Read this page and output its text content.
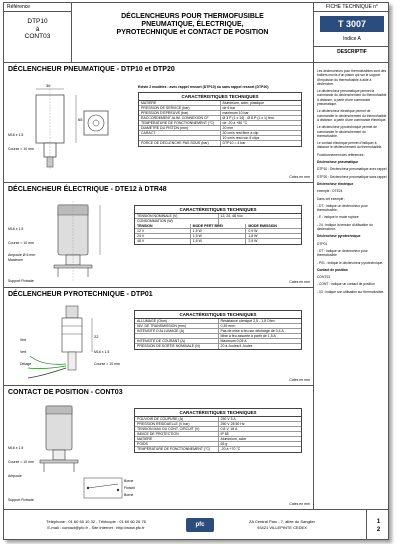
Référence
DTP10
à
CONT03
DÉCLENCHEURS POUR THERMOFUSIBLE
PNEUMATIQUE, ÉLECTRIQUE,
PYROTECHNIQUE et CONTACT DE POSITION
FICHE TECHNIQUE n°
T 3007
Indice A
DESCRIPTIF
DÉCLENCHEUR PNEUMATIQUE - DTP10 et DTP20
36
65
M16 x 1.5
Course = 10 mm
Existe 2 modèles : avec rappel ressort (DTP10) ou sans rappel ressort (DTP20)
CARACTÉRISTIQUES TECHNIQUES
MATIÈRE	Aluminium, acier, plastique
PRESSION DE SERVICE (bar)	de 6 bar
PRESSION D'ÉPREUVE (bar)	maximum 10 bar
RACCORDEMENT ALIM. CONNEXION CF	Ø 3 P (1 x 14) - Ø 8 P (1 x 1) fem.
TEMPÉRATURE DE FONCTIONNEMENT (°C)	de -20 à +80 °C
DIAMÈTRE DU PISTON (mm)	20 mm
CARACT.	30 cm/s rest fibre à clip
10 cm/s rest non 5 clips
FORCE DE DÉCLENCHE PAS SOUS (bar)	DTP10 = 4 bar
Cotes en mm
DÉCLENCHEUR ÉLECTRIQUE - DTE12 à DTR48
M16 x 1.5
Course = 10 mm
Ampoule Ø 6 mm
Maximum
Support Fixtrade
CARACTÉRISTIQUES TECHNIQUES
TENSION NOMINALE (V)	12, 24, 48 Vcc
CONSOMMATION (W)
TENSION	MODE PERT BREI	MODE EMISSION
12 V	1,5 W	0,9 W
24 V	1,5 W	1,8 W
48 V	1,6 W	2,5 W
Cotes en mm
DÉCLENCHEUR PYROTECHNIQUE - DTP01
22
Vert
Vert
Détage
M16 x 1.5
Course = 10 mm
CARACTÉRISTIQUES TECHNIQUES
ALLUMAGE (Ohm)	Résistance ohmique 2,5 - 1,8 Ohm
NIV. DE TRANSMISSION (mm)	0,35 mm²
INTENSITÉ D'ALLUMAGE (A)	Pas de mise à feu sur décharge de 0,4 A
Mise à feu assurée à partir de 1,5 A
INTENSITÉ DE COURANT (A)	Maximum 0,05 A
PRESSION DE SORTIE NOMINALE (N)	20 à Joules/4 Joules
Cotes en mm
CONTACT DE POSITION - CONT03
M16 x 1.5
Course = 10 mm
Ampoule
Support Fixtrade
Borne
Flotant
Borne
CARACTÉRISTIQUES TECHNIQUES
POUVOIR DE COUPURE (A)	250 V 5 A
PRESSION RÉSIDUELLE (V bar)	250 V 28 50 Hz
TENSION MAX DU CONT. CIRCUIT (V)	0,8 V, 18 A
INDICE DE PROTECTION	IP 65
MATIÈRE	Aluminium, acier
POIDS	65 g
TEMPÉRATURE DE FONCTIONNEMENT (°C)	-20 à +70 °C
Cotes en mm

Les déclencheurs pour thermofusibles sont des boitiers munis d'un piston qui sur le support d'impulsion du thermofusible à aide à déclencher.

Le déclencheur pneumatique permet la commande du déclenchement du thermofusible à distance, à partir d'une commande pneumatique.

Le déclencheur électrique permet de commander le déclenchement du thermofusible à distance, à partir d'une commande électrique.

Le déclencheur pyrotechnique permet de commander le déclenchement du thermofusible.

Le contact électrique permet d'indiquer à distance le déclenchement du thermofusible.

Fonctionnement des références :

Déclencheur pneumatique

DTP10 : Déclencheur pneumatique avec rappel

DTP20 : Déclencheur pneumatique sans rappel

Déclencheur électrique

exemple : DTE24

Dans cet exemple :

- DT : indique un déclencheur pour thermofusible,

- E : indique le mode rupture

- 24 : indique la tension d'utilisation du déclencheur.

Déclencheur pyrotechnique

DTP01

- DT : indique un déclencheur pour thermofusible

- P01 : indique le déclencheur pyrotechnique.

Contact de position

CONT03

- CONT : indique un contact de position

- 03 : indique son utilisation sur thermofusible.

Téléphone : 01 60 60 10 32 - Télécopie : 01 60 60 26 76
E-mail : contact@pfc.fr - Site internet : http://www.pfc.fr	pfc
ZA Central Parc - 7, allée du Sanglier
93421 VILLEPINTE CEDEX
1
2
